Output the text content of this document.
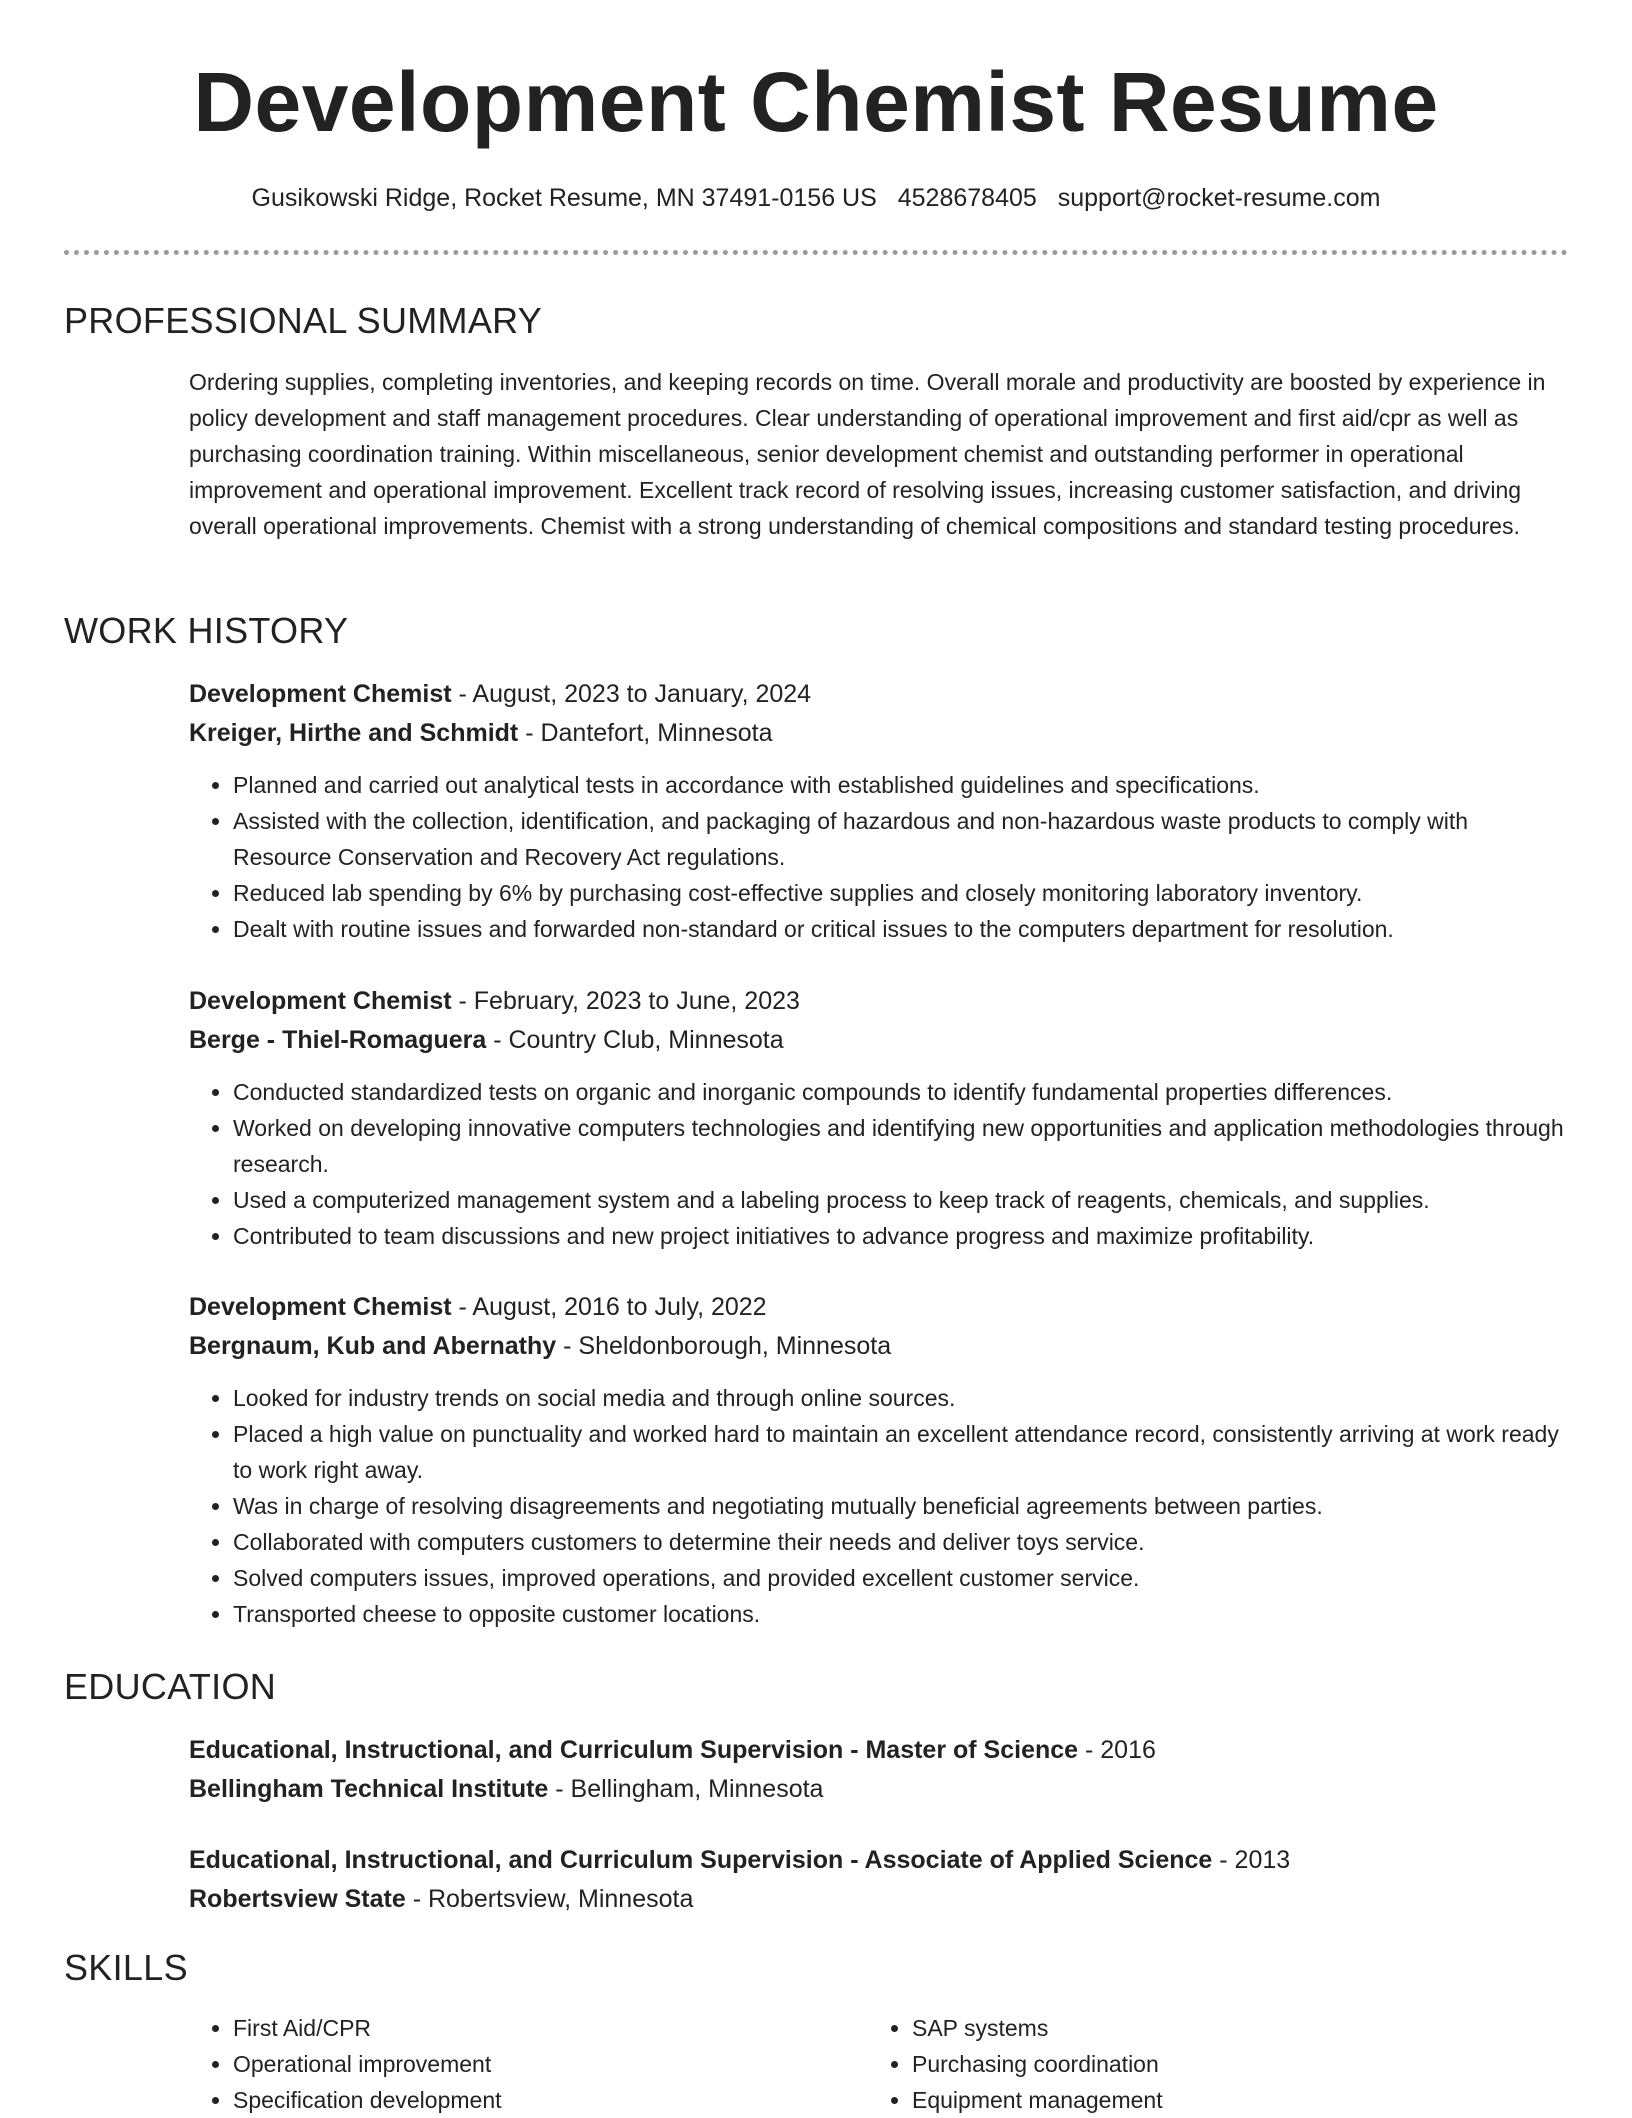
Development Chemist Resume
Gusikowski Ridge, Rocket Resume, MN 37491-0156 US 4528678405 support@rocket-resume.com
PROFESSIONAL SUMMARY

Ordering supplies, completing inventories, and keeping records on time. Overall morale and productivity are boosted by experience in policy development and staff management procedures. Clear understanding of operational improvement and first aid/cpr as well as purchasing coordination training. Within miscellaneous, senior development chemist and outstanding performer in operational improvement and operational improvement. Excellent track record of resolving issues, increasing customer satisfaction, and driving overall operational improvements. Chemist with a strong understanding of chemical compositions and standard testing procedures.

WORK HISTORY
Development Chemist - August, 2023 to January, 2024
Kreiger, Hirthe and Schmidt - Dantefort, Minnesota
• Planned and carried out analytical tests in accordance with established guidelines and specifications.
• Assisted with the collection, identification, and packaging of hazardous and non-hazardous waste products to comply with Resource Conservation and Recovery Act regulations.
• Reduced lab spending by 6% by purchasing cost-effective supplies and closely monitoring laboratory inventory.
• Dealt with routine issues and forwarded non-standard or critical issues to the computers department for resolution.
Development Chemist - February, 2023 to June, 2023
Berge - Thiel-Romaguera - Country Club, Minnesota
• Conducted standardized tests on organic and inorganic compounds to identify fundamental properties differences.
• Worked on developing innovative computers technologies and identifying new opportunities and application methodologies through research.
• Used a computerized management system and a labeling process to keep track of reagents, chemicals, and supplies.
• Contributed to team discussions and new project initiatives to advance progress and maximize profitability.
Development Chemist - August, 2016 to July, 2022
Bergnaum, Kub and Abernathy - Sheldonborough, Minnesota
• Looked for industry trends on social media and through online sources.
• Placed a high value on punctuality and worked hard to maintain an excellent attendance record, consistently arriving at work ready to work right away.
• Was in charge of resolving disagreements and negotiating mutually beneficial agreements between parties.
• Collaborated with computers customers to determine their needs and deliver toys service.
• Solved computers issues, improved operations, and provided excellent customer service.
• Transported cheese to opposite customer locations.
EDUCATION
Educational, Instructional, and Curriculum Supervision - Master of Science - 2016
Bellingham Technical Institute - Bellingham, Minnesota
Educational, Instructional, and Curriculum Supervision - Associate of Applied Science - 2013
Robertsview State - Robertsview, Minnesota
SKILLS
• First Aid/CPR
• Operational improvement
• Specification development
• SAP systems
• Purchasing coordination
• Equipment management
